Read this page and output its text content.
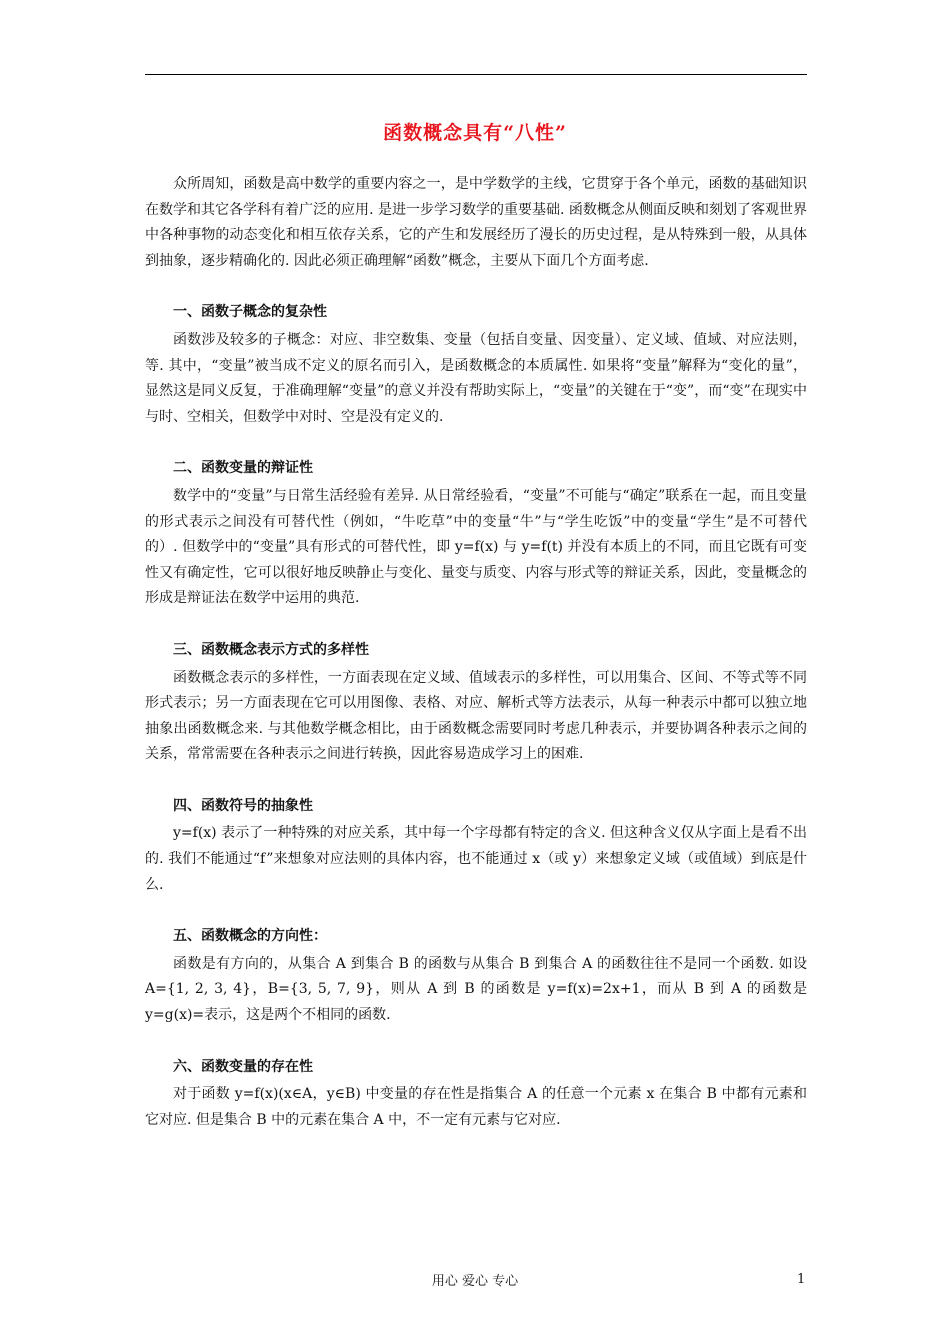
函数概念具有“八性”

众所周知，函数是高中数学的重要内容之一，是中学数学的主线，它贯穿于各个单元，函数的基础知识在数学和其它各学科有着广泛的应用. 是进一步学习数学的重要基础. 函数概念从侧面反映和刻划了客观世界中各种事物的动态变化和相互依存关系，它的产生和发展经历了漫长的历史过程，是从特殊到一般，从具体到抽象，逐步精确化的. 因此必须正确理解“函数”概念，主要从下面几个方面考虑.

一、函数子概念的复杂性

函数涉及较多的子概念：对应、非空数集、变量（包括自变量、因变量）、定义域、值域、对应法则，等. 其中，“变量”被当成不定义的原名而引入，是函数概念的本质属性. 如果将“变量”解释为“变化的量”，显然这是同义反复，于准确理解“变量”的意义并没有帮助实际上，“变量”的关键在于“变”，而“变”在现实中与时、空相关，但数学中对时、空是没有定义的.

二、函数变量的辩证性

数学中的“变量”与日常生活经验有差异. 从日常经验看，“变量”不可能与“确定”联系在一起，而且变量的形式表示之间没有可替代性（例如，“牛吃草”中的变量“牛”与“学生吃饭”中的变量“学生”是不可替代的）. 但数学中的“变量”具有形式的可替代性，即 y=f(x) 与 y=f(t) 并没有本质上的不同，而且它既有可变性又有确定性，它可以很好地反映静止与变化、量变与质变、内容与形式等的辩证关系，因此，变量概念的形成是辩证法在数学中运用的典范.

三、函数概念表示方式的多样性

函数概念表示的多样性，一方面表现在定义域、值域表示的多样性，可以用集合、区间、不等式等不同形式表示；另一方面表现在它可以用图像、表格、对应、解析式等方法表示，从每一种表示中都可以独立地抽象出函数概念来. 与其他数学概念相比，由于函数概念需要同时考虑几种表示，并要协调各种表示之间的关系，常常需要在各种表示之间进行转换，因此容易造成学习上的困难.

四、函数符号的抽象性

y=f(x) 表示了一种特殊的对应关系，其中每一个字母都有特定的含义. 但这种含义仅从字面上是看不出的. 我们不能通过“f”来想象对应法则的具体内容，也不能通过 x（或 y）来想象定义域（或值域）到底是什么.

五、函数概念的方向性：

函数是有方向的，从集合 A 到集合 B 的函数与从集合 B 到集合 A 的函数往往不是同一个函数. 如设 A={1, 2, 3, 4}，B={3, 5, 7, 9}，则从 A 到 B 的函数是 y=f(x)=2x+1，而从 B 到 A 的函数是 y=g(x)=表示，这是两个不相同的函数.

六、函数变量的存在性

对于函数 y=f(x)(x∈A，y∈B) 中变量的存在性是指集合 A 的任意一个元素 x 在集合 B 中都有元素和它对应. 但是集合 B 中的元素在集合 A 中，不一定有元素与它对应.

用心 爱心 专心	1
